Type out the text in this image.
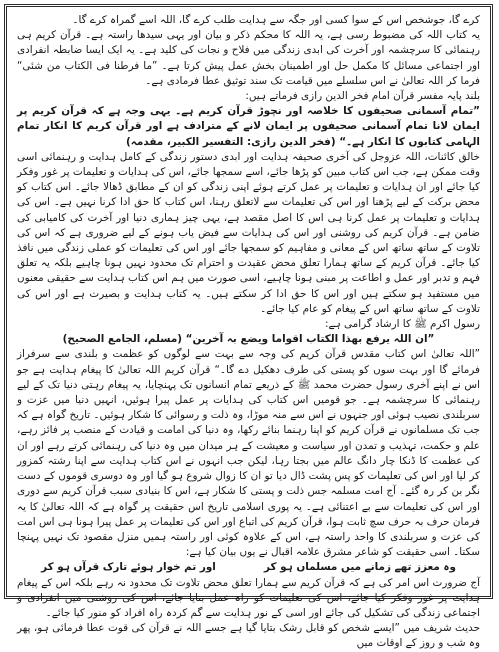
کرے گا، جوشخص اس کے سوا کسی اور جگہ سے ہدایت طلب کرے گا، اللہ اسے گمراہ کرے گا۔

یہ کتاب اللہ کی مضبوط رسی ہے، یہ اللہ کا محکم ذکر و بیان اور یہی سیدھا راستہ ہے۔ قرآن کریم ہی رہنمائی کا سرچشمہ اور آخرت کی ابدی زندگی میں فلاح و نجات کی کلید ہے۔ یہ ایک ایسا ضابطہ انفرادی اور اجتماعی مسائل کا مکمل حل اور اطمینان بخش عمل پیش کرتا ہے۔ ”ما فرطنا فی الکتاب من شئی“ فرما کر اللہ تعالیٰ نے اس سلسلے میں قیامت تک سند توثیق عطا فرمادی ہے۔

بلند پایہ مفسر قرآن امام فخر الدین رازی فرماتے ہیں:

”تمام آسمانی صحیفوں کا خلاصہ اور نچوڑ قرآن کریم ہے۔ یہی وجہ ہے کہ قرآن کریم پر ایمان لانا تمام آسمانی صحیفوں پر ایمان لانے کے مترادف ہے اور قرآن کریم کا انکار تمام الہامی کتابوں کا انکار ہے۔“ (فخر الدین رازی: التفسیر الکبیر، مقدمہ)

خالق کائنات، اللہ عزوجل کی آخری صحیفہ ہدایت اور ابدی دستور زندگی کے کامل ہدایت و رہنمائی اسی وقت ممکن ہے، جب اس کتاب مبین کو پڑھا جائے، اسے سمجھا جائے، اس کی ہدایات و تعلیمات پر غور وفکر کیا جائے اور ان ہدایات و تعلیمات پر عمل کرتے ہوئے اپنی زندگی کو ان کے مطابق ڈھالا جائے۔ اس کتاب کو محض برکت کے لیے پڑھنا اور اس کی تعلیمات سے لاتعلق رہنا، اس کتاب کا حق ادا کرنا نہیں ہے۔ اس کی ہدایات و تعلیمات پر عمل کرنا ہی اس کا اصل مقصد ہے، یہی چیز ہماری دنیا اور آخرت کی کامیابی کی ضامن ہے۔ قرآن کریم کی روشنی اور اس کی ہدایات سے فیض یاب ہونے کے لیے ضروری ہے کہ اس کی تلاوت کے ساتھ ساتھ اس کے معانی و مفاہیم کو سمجھا جائے اور اس کی تعلیمات کو عملی زندگی میں نافذ کیا جائے۔ قرآن کریم کے ساتھ ہمارا تعلق محض عقیدت و احترام تک محدود نہیں ہونا چاہیے بلکہ یہ تعلق فہم و تدبر اور عمل و اطاعت پر مبنی ہونا چاہیے، اسی صورت میں ہم اس کتاب ہدایت سے حقیقی معنوں میں مستفید ہو سکتے ہیں اور اس کا حق ادا کر سکتے ہیں۔ یہ کتاب ہدایت و بصیرت ہے اور اس کی تلاوت کے ساتھ ساتھ اس کے پیغام کو عام کیا جائے۔

رسول اکرم ﷺ کا ارشاد گرامی ہے:

”ان اللہ یرفع بھذا الکتاب اقواما ویضع بہ آخرین“ (مسلم، الجامع الصحیح)

”اللہ تعالیٰ اس کتاب مقدس قرآن کریم کی وجہ سے بہت سے لوگوں کو عظمت و بلندی سے سرفراز فرمائے گا اور بہت سوں کو پستی کی طرف دھکیل دے گا۔“ قرآن کریم اللہ تعالیٰ کا پیغام ہدایت ہے جو اس نے اپنے آخری رسول حضرت محمد ﷺ کے ذریعے تمام انسانوں تک پہنچایا، یہ پیغام رہتی دنیا تک کے لیے رہنمائی کا سرچشمہ ہے۔ جو قومیں اس کتاب کی ہدایات پر عمل پیرا ہوئیں، انہیں دنیا میں عزت و سربلندی نصیب ہوئی اور جنہوں نے اس سے منہ موڑا، وہ ذلت و رسوائی کا شکار ہوئیں۔ تاریخ گواہ ہے کہ جب تک مسلمانوں نے قرآن کریم کو اپنا رہنما بنائے رکھا، وہ دنیا کی امامت و قیادت کے منصب پر فائز رہے، علم و حکمت، تہذیب و تمدن اور سیاست و معیشت کے ہر میدان میں وہ دنیا کی رہنمائی کرتے رہے اور ان کی عظمت کا ڈنکا چار دانگ عالم میں بجتا رہا، لیکن جب انہوں نے اس کتاب ہدایت سے اپنا رشتہ کمزور کر لیا اور اس کی تعلیمات کو پس پشت ڈال دیا تو ان کا زوال شروع ہو گیا اور وہ دوسری قوموں کے دست نگر بن کر رہ گئے۔ آج امت مسلمہ جس ذلت و پستی کا شکار ہے، اس کا بنیادی سبب قرآن کریم سے دوری اور اس کی تعلیمات سے بے اعتنائی ہے۔ یہ پوری اسلامی تاریخ اس حقیقت پر گواہ ہے کہ اللہ تعالیٰ کا یہ فرمان حرف بہ حرف سچ ثابت ہوا، قرآن کریم کی اتباع اور اس کی تعلیمات پر عمل پیرا ہونا ہی اس امت کی عزت و سربلندی کا واحد راستہ ہے، اس کے علاوہ کوئی اور راستہ ہمیں منزل مقصود تک نہیں پہنچا سکتا۔ اسی حقیقت کو شاعر مشرق علامہ اقبال نے یوں بیان کیا ہے:

وہ معزز تھے زمانے میں مسلماں ہو کر
اور تم خوار ہوئے تارک قرآں ہو کر

آج ضرورت اس امر کی ہے کہ قرآن کریم سے ہمارا تعلق محض تلاوت تک محدود نہ رہے بلکہ اس کے پیغام ہدایت پر غور وفکر کیا جائے، اس کی تعلیمات کو راہ عمل بنایا جائے، اس کی روشنی میں انفرادی و اجتماعی زندگی کی تشکیل کی جائے اور اسی کے نور ہدایت سے گم کردہ راہ افراد کو منور کیا جائے۔

حدیث شریف میں ”ایسے شخص کو قابل رشک بتایا گیا ہے جسے اللہ نے قرآن کی قوت عطا فرمائی ہو، پھر وہ شب و روز کے اوقات میں
